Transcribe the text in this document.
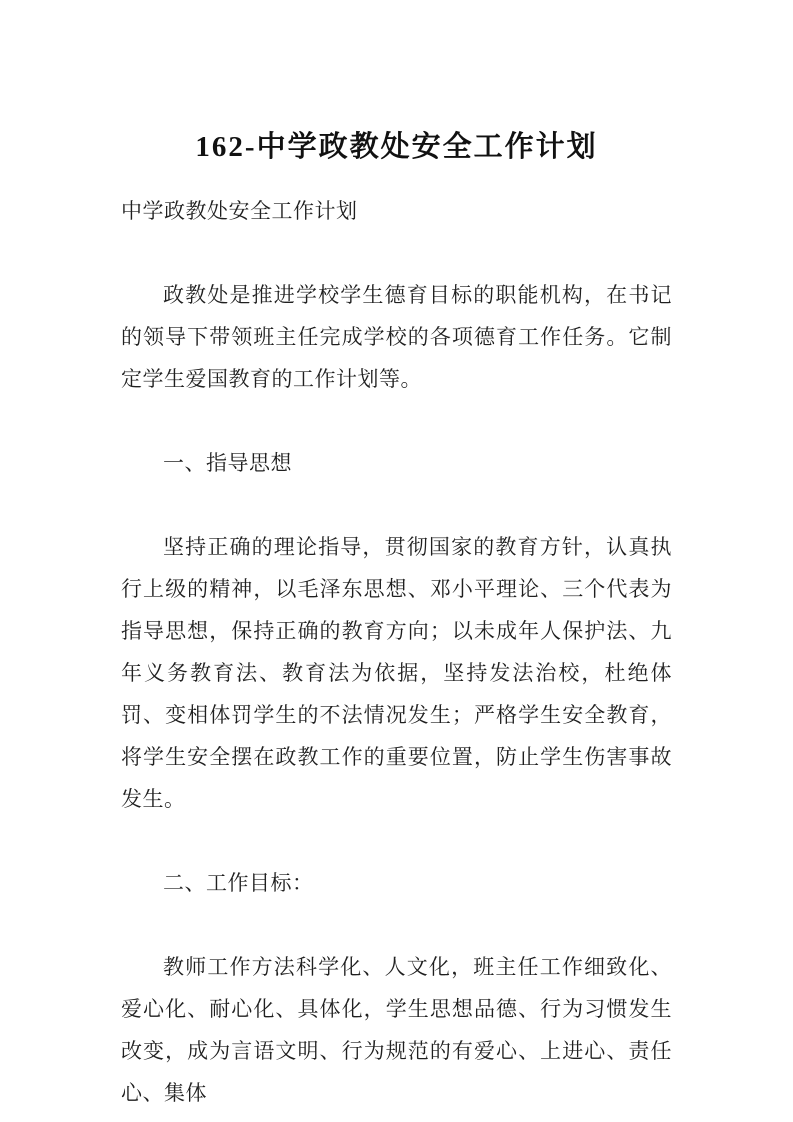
162-中学政教处安全工作计划

中学政教处安全工作计划

政教处是推进学校学生德育目标的职能机构，在书记的领导下带领班主任完成学校的各项德育工作任务。它制定学生爱国教育的工作计划等。

一、指导思想

坚持正确的理论指导，贯彻国家的教育方针，认真执行上级的精神，以毛泽东思想、邓小平理论、三个代表为指导思想，保持正确的教育方向；以未成年人保护法、九年义务教育法、教育法为依据，坚持发法治校，杜绝体罚、变相体罚学生的不法情况发生；严格学生安全教育，将学生安全摆在政教工作的重要位置，防止学生伤害事故发生。

二、工作目标：

教师工作方法科学化、人文化，班主任工作细致化、爱心化、耐心化、具体化，学生思想品德、行为习惯发生改变，成为言语文明、行为规范的有爱心、上进心、责任心、集体
